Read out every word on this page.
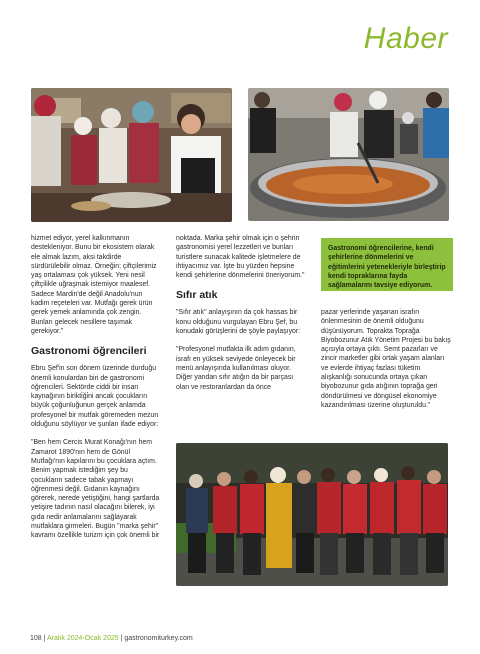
Haber

hizmet ediyor, yerel kalkınmanın destekleniyor. Bunu bir ekosistem olarak ele almak lazım, aksi takdirde sürdürülebilir olmaz. Örneğin; çiftçilerimiz yaş ortalaması çok yüksek. Yeni nesil çiftçilikle uğraşmak istemiyor maalesef. Sadece Mardin'de değil Anadolu'nun kadim reçeteleri var. Mutfağı gerek ürün gerek yemek anlamında çok zengin. Bunları gelecek nesillere taşımak gerekiyor."

Gastronomi öğrencileri

Ebru Şef'in son dönem üzerinde durduğu önemli konulardan biri de gastronomi öğrencileri. Sektörde ciddi bir insan kaynağının birikti̇ği̇ni ancak çocukların büyük çoğunluğunun gerçek anlamda profesyonel bir mutfak göremeden mezun olduğunu söylüyor ve şunları ifade ediyor:

"Ben hem Cercis Murat Konağı'nın hem Zamarot 1890'nın hem de Gönül Mutfağı'nın kapılarını bu çocuklara açtım. Benim yapmak istediğim şey bu çocukların sadece tabak yapmayı öğrenmesi değil. Gıdanın kaynağını görerek, nerede yetiştiğini, hangi şartlarda yetişire tadının nasıl olacağını bilerek, iyi gıda nedir anlamalarını sağlayarak mutfaklara girmeleri. Bugün "marka şehir" kavramı özellikle turizm için çok önemli bir

noktada. Marka şehir olmak için o şehrin gastronomisi yerel lezzetleri ve bunları turistlere sunacak kalitede işletmelere de ihtiyacımız var. İşte bu yüzden hepsine kendi şehirlerine dönmelerini öneriyorum."

Sıfır atık

"Sıfır atık" anlayışının da çok hassas bir konu olduğunu vurgulayan Ebru Şef, bu konudaki görüşlerini de şöyle paylaşıyor:

"Profesyonel mutfakta ilk adım gıdanın, israfı en yüksek seviyede önleyecek bir menü anlayışında kullanılması oluyor. Diğer yandan sıfır atığın da bir parçası olan ve restoranlardan da önce

Gastronomi öğrencilerine, kendi şehirlerine dönmelerini ve eğitimlerini yetenekleriyle birleştirip kendi topraklarına fayda sağlamalarını tavsiye ediyorum.

pazar yerlerinde yaşanan israfın önlenmesinin de önemli olduğunu düşünüyorum. Toprakta Toprağa Biyobozunur Atık Yönetim Projesi bu bakış açısıyla ortaya çıktı. Semt pazarları ve zincir marketler gibi ortak yaşam alanları ve evlerde ihtiyaç fazlası tüketim alışkanlığı sonucunda ortaya çıkan biyobozunur gıda atığının toprağa geri döndürülmesi ve döngüsel ekonomiye kazandırılması üzerine oluşturuldu."

108 | Aralık 2024-Ocak 2025 | gastronomiturkey.com
